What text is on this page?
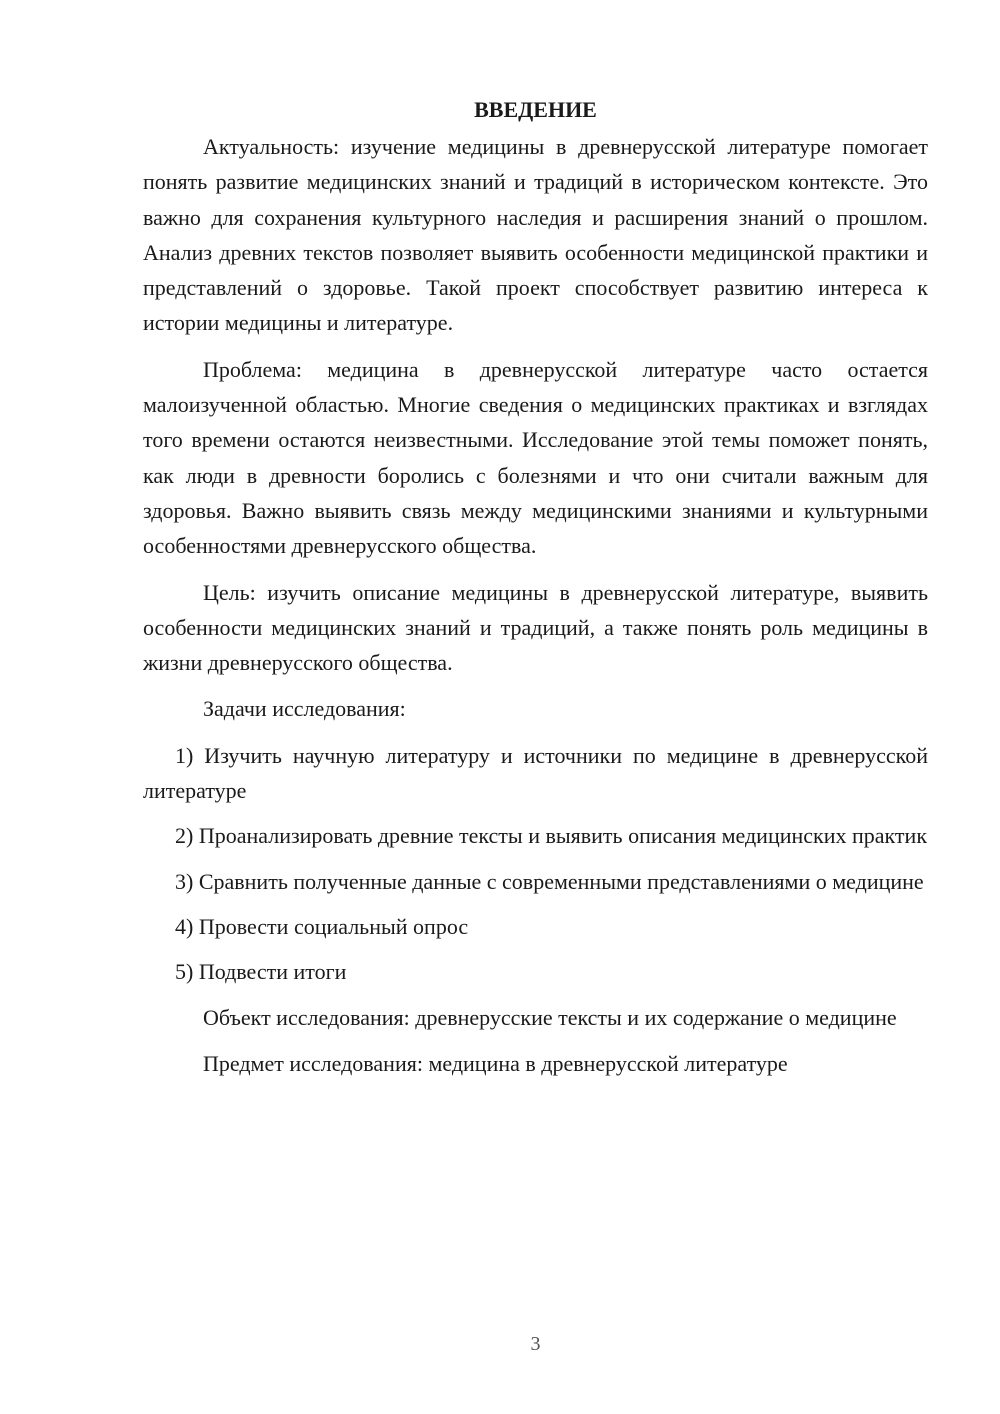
ВВЕДЕНИЕ

Актуальность: изучение медицины в древнерусской литературе помогает понять развитие медицинских знаний и традиций в историческом контексте. Это важно для сохранения культурного наследия и расширения знаний о прошлом. Анализ древних текстов позволяет выявить особенности медицинской практики и представлений о здоровье. Такой проект способствует развитию интереса к истории медицины и литературе.

Проблема: медицина в древнерусской литературе часто остается малоизученной областью. Многие сведения о медицинских практиках и взглядах того времени остаются неизвестными. Исследование этой темы поможет понять, как люди в древности боролись с болезнями и что они считали важным для здоровья. Важно выявить связь между медицинскими знаниями и культурными особенностями древнерусского общества.

Цель: изучить описание медицины в древнерусской литературе, выявить особенности медицинских знаний и традиций, а также понять роль медицины в жизни древнерусского общества.

Задачи исследования:

1) Изучить научную литературу и источники по медицине в древнерусской литературе

2) Проанализировать древние тексты и выявить описания медицинских практик

3) Сравнить полученные данные с современными представлениями о медицине

4) Провести социальный опрос

5) Подвести итоги

Объект исследования: древнерусские тексты и их содержание о медицине

Предмет исследования: медицина в древнерусской литературе

3
